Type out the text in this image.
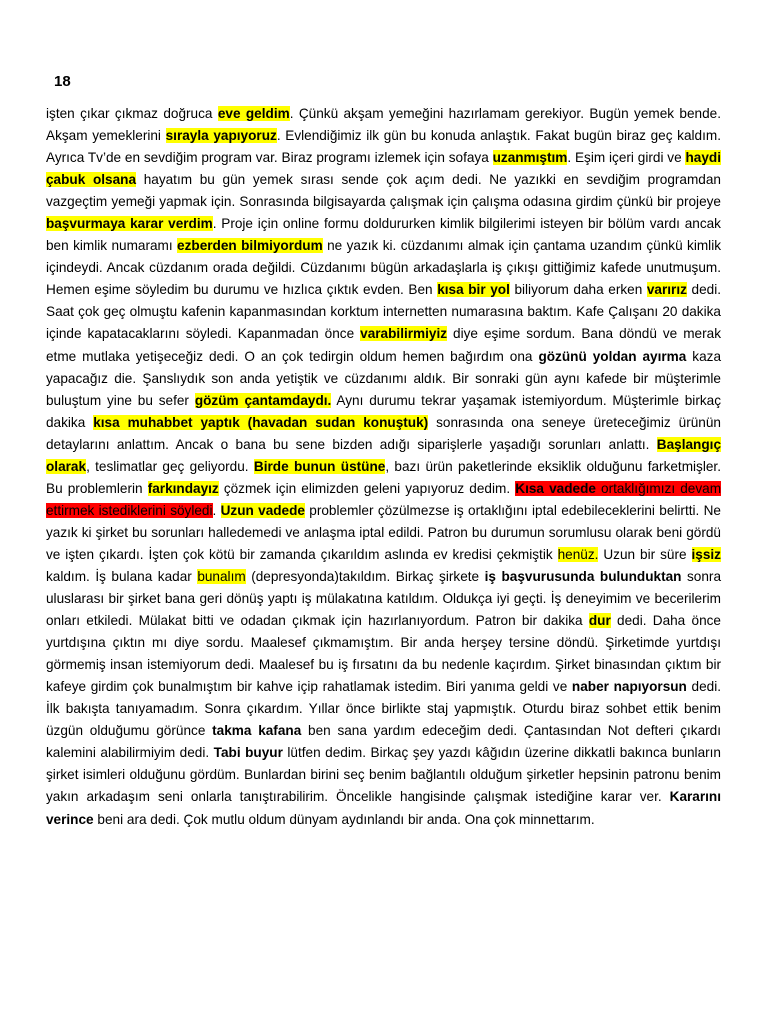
18

işten çıkar çıkmaz doğruca eve geldim. Çünkü akşam yemeğini hazırlamam gerekiyor. Bugün yemek bende. Akşam yemeklerini sırayla yapıyoruz. Evlendiğimiz ilk gün bu konuda anlaştık. Fakat bugün biraz geç kaldım. Ayrıca Tv’de en sevdiğim program var. Biraz programı izlemek için sofaya uzanmıştım. Eşim içeri girdi ve haydi çabuk olsana hayatım bu gün yemek sırası sende çok açım dedi. Ne yazıkki en sevdiğim programdan vazgeçtim yemeği yapmak için. Sonrasında bilgisayarda çalışmak için çalışma odasına girdim çünkü bir projeye başvurmaya karar verdim. Proje için online formu doldururken kimlik bilgilerimi isteyen bir bölüm vardı ancak ben kimlik numaramı ezberden bilmiyordum ne yazık ki. cüzdanımı almak için çantama uzandım çünkü kimlik içindeydi. Ancak cüzdanım orada değildi. Cüzdanımı bügün arkadaşlarla iş çıkışı gittiğimiz kafede unutmuşum. Hemen eşime söyledim bu durumu ve hızlıca çıktık evden. Ben kısa bir yol biliyorum daha erken varırız dedi. Saat çok geç olmuştu kafenin kapanmasından korktum internetten numarasına baktım. Kafe Çalışanı 20 dakika içinde kapatacaklarını söyledi. Kapanmadan önce varabilirmiyiz diye eşime sordum. Bana döndü ve merak etme mutlaka yetişeceğiz dedi. O an çok tedirgin oldum hemen bağırdım ona gözünü yoldan ayırma kaza yapacağız die. Şanslıydık son anda yetiştik ve cüzdanımı aldık. Bir sonraki gün aynı kafede bir müşterimle buluştum yine bu sefer gözüm çantamdaydı. Aynı durumu tekrar yaşamak istemiyordum. Müşterimle birkaç dakika kısa muhabbet yaptık (havadan sudan konuştuk) sonrasında ona seneye üreteceğimiz ürünün detaylarını anlattım. Ancak o bana bu sene bizden adığı siparişlerle yaşadığı sorunları anlattı. Başlangıç olarak, teslimatlar geç geliyordu. Birde bunun üstüne, bazı ürün paketlerinde eksiklik olduğunu farketmişler. Bu problemlerin farkındayız çözmek için elimizden geleni yapıyoruz dedim. Kısa vadede ortaklığımızı devam ettirmek istediklerini söyledi. Uzun vadede problemler çözülmezse iş ortaklığını iptal edebileceklerini belirtti. Ne yazık ki şirket bu sorunları halledemedi ve anlaşma iptal edildi. Patron bu durumun sorumlusu olarak beni gördü ve işten çıkardı. İşten çok kötü bir zamanda çıkarıldım aslında ev kredisi çekmiştik henüz. Uzun bir süre işsiz kaldım. İş bulana kadar bunalım (depresyonda)takıldım. Birkaç şirkete iş başvurusunda bulunduktan sonra uluslarası bir şirket bana geri dönüş yaptı iş mülakatına katıldım. Oldukça iyi geçti. İş deneyimim ve becerilerim onları etkiledi. Mülakat bitti ve odadan çıkmak için hazırlanıyordum. Patron bir dakika dur dedi. Daha önce yurtdışına çıktın mı diye sordu. Maalesef çıkmamıştım. Bir anda herşey tersine döndü. Şirketimde yurtdışı görmemiş insan istemiyorum dedi. Maalesef bu iş fırsatını da bu nedenle kaçırdım. Şirket binasından çıktım bir kafeye girdim çok bunalmıştım bir kahve içip rahatlamak istedim. Biri yanıma geldi ve naber napıyorsun dedi. İlk bakışta tanıyamadım. Sonra çıkardım. Yıllar önce birlikte staj yapmıştık. Oturdu biraz sohbet ettik benim üzgün olduğumu görünce takma kafana ben sana yardım edeceğim dedi. Çantasından Not defteri çıkardı kalemini alabilirmiyim dedi. Tabi buyur lütfen dedim. Birkaç şey yazdı kâğıdın üzerine dikkatli bakınca bunların şirket isimleri olduğunu gördüm. Bunlardan birini seç benim bağlantılı olduğum şirketler hepsinin patronu benim yakın arkadaşım seni onlarla tanıştırabilirim. Öncelikle hangisinde çalışmak istediğine karar ver. Kararını verince beni ara dedi. Çok mutlu oldum dünyam aydınlandı bir anda. Ona çok minnettarım.
